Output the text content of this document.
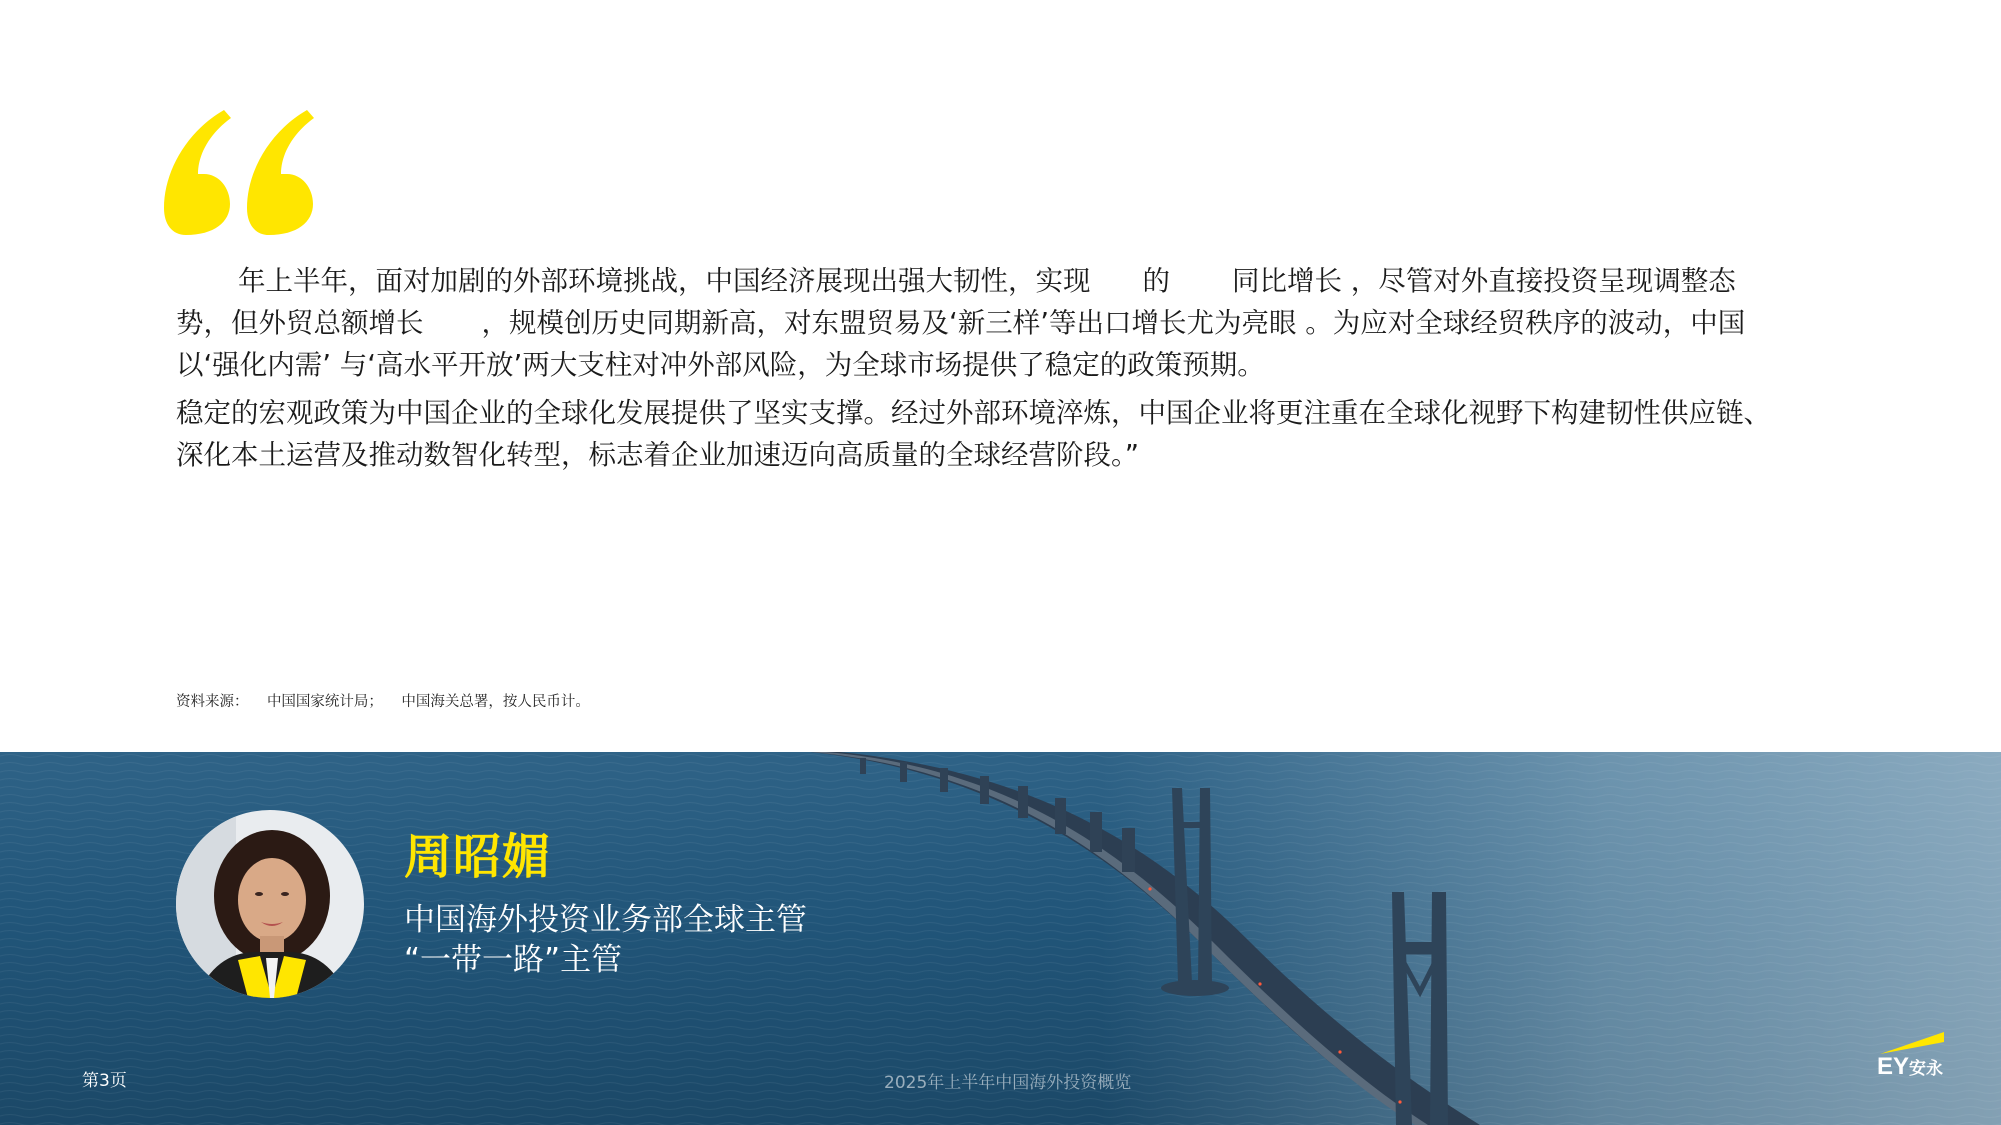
年上半年，面对加剧的外部环境挑战，中国经济展现出强大韧性，实现 的 同比增长 ，尽管对外直接投资呈现调整态势，但外贸总额增长 ，规模创历史同期新高，对东盟贸易及‘新三样’等出口增长尤为亮眼 。为应对全球经贸秩序的波动，中国以‘强化内需’ 与‘高水平开放’两大支柱对冲外部风险，为全球市场提供了稳定的政策预期。

稳定的宏观政策为中国企业的全球化发展提供了坚实支撑。经过外部环境淬炼，中国企业将更注重在全球化视野下构建韧性供应链、深化本土运营及推动数智化转型，标志着企业加速迈向高质量的全球经营阶段。”

资料来源： 中国国家统计局； 中国海关总署，按人民币计。
周昭媚
中国海外投资业务部全球主管
“一带一路”主管
第3页	2025年上半年中国海外投资概览
EY安永
